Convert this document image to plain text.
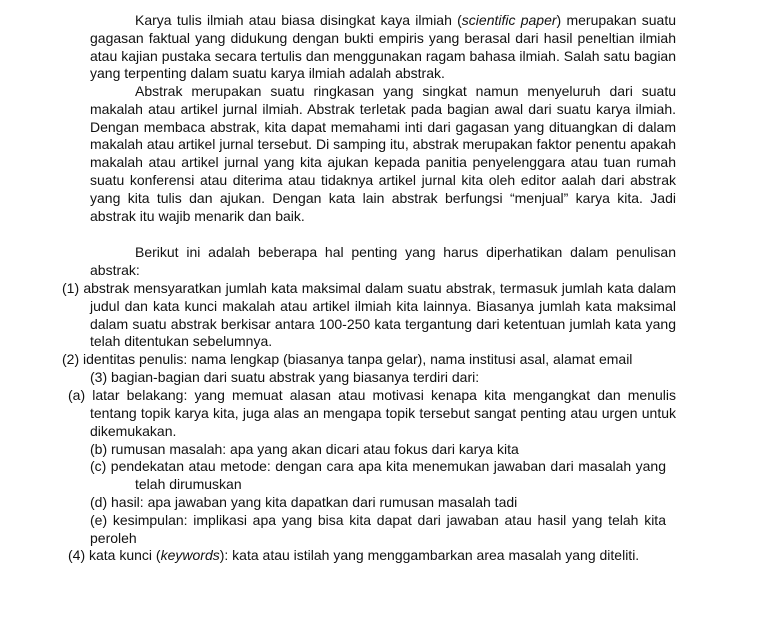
Karya tulis ilmiah atau biasa disingkat kaya ilmiah (scientific paper) merupakan suatu gagasan faktual yang didukung dengan bukti empiris yang berasal dari hasil peneltian ilmiah atau kajian pustaka secara tertulis dan menggunakan ragam bahasa ilmiah. Salah satu bagian yang terpenting dalam suatu karya ilmiah adalah abstrak.

Abstrak merupakan suatu ringkasan yang singkat namun menyeluruh dari suatu makalah atau artikel jurnal ilmiah. Abstrak terletak pada bagian awal dari suatu karya ilmiah. Dengan membaca abstrak, kita dapat memahami inti dari gagasan yang dituangkan di dalam makalah atau artikel jurnal tersebut. Di samping itu, abstrak merupakan faktor penentu apakah makalah atau artikel jurnal yang kita ajukan kepada panitia penyelenggara atau tuan rumah suatu konferensi atau diterima atau tidaknya artikel jurnal kita oleh editor aalah dari abstrak yang kita tulis dan ajukan. Dengan kata lain abstrak berfungsi “menjual” karya kita. Jadi abstrak itu wajib menarik dan baik.

Berikut ini adalah beberapa hal penting yang harus diperhatikan dalam penulisan abstrak:

(1) abstrak mensyaratkan jumlah kata maksimal dalam suatu abstrak, termasuk jumlah kata dalam judul dan kata kunci makalah atau artikel ilmiah kita lainnya. Biasanya jumlah kata maksimal dalam suatu abstrak berkisar antara 100-250 kata tergantung dari ketentuan jumlah kata yang telah ditentukan sebelumnya.

(2) identitas penulis: nama lengkap (biasanya tanpa gelar), nama institusi asal, alamat email

(3) bagian-bagian dari suatu abstrak yang biasanya terdiri dari:

(a) latar belakang: yang memuat alasan atau motivasi kenapa kita mengangkat dan menulis tentang topik karya kita, juga alas an mengapa topik tersebut sangat penting atau urgen untuk dikemukakan.

(b) rumusan masalah: apa yang akan dicari atau fokus dari karya kita

(c) pendekatan atau metode: dengan cara apa kita menemukan jawaban dari masalah yang telah dirumuskan

(d) hasil: apa jawaban yang kita dapatkan dari rumusan masalah tadi

(e) kesimpulan: implikasi apa yang bisa kita dapat dari jawaban atau hasil yang telah kita peroleh

(4) kata kunci (keywords): kata atau istilah yang menggambarkan area masalah yang diteliti.
